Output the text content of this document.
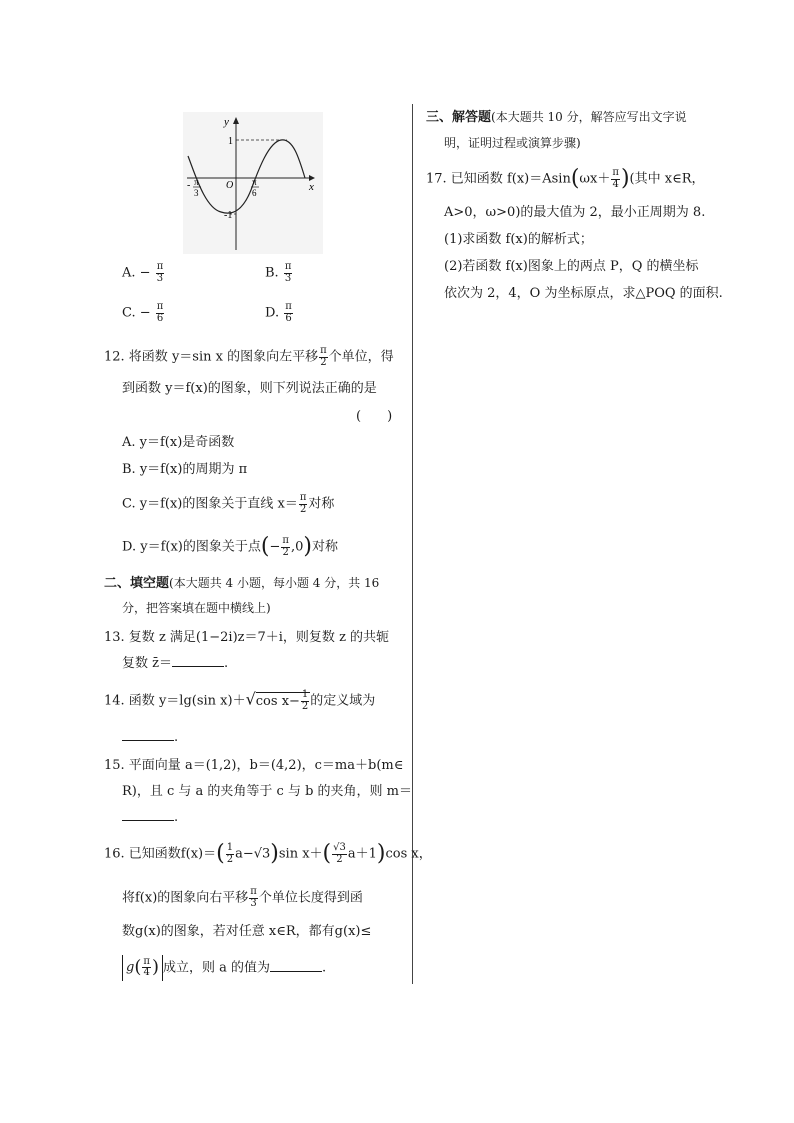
y
x
O
1
-1
- π
3
π
6
A. − $\frac{\pi}{3}$	B. $\frac{\pi}{3}$
C. − $\frac{\pi}{6}$	D. $\frac{\pi}{6}$
12. 将函数 y＝sin x 的图象向左平移 $\frac{\pi}{2}$ 个单位，得
到函数 y＝f(x)的图象，则下列说法正确的是
(　　)
A. y＝f(x)是奇函数
B. y＝f(x)的周期为 π
C. y＝f(x)的图象关于直线 $x= \frac{\pi}{2}$ 对称
D. y＝f(x)的图象关于点(− $\frac{\pi}{2} ,0$)对称
二、填空题(本大题共 4 小题，每小题 4 分，共 16
分，把答案填在题中横线上)
13. 复数 z 满足(1−2i)z＝7＋i，则复数 z 的共轭
复数 z̄＝	.
14. 函数 y＝lg(sin x)＋√cos $x- \frac{1}{2}$ 的定义域为
.
15. 平面向量 a＝(1,2)，b＝(4,2)，c＝ma＋b(m∈
R)，且 c 与 a 的夹角等于 c 与 b 的夹角，则 m＝
.
16. 已知函数$f(x)=( \frac{1}{2} a-√3)\sin$ $x+( \frac{√3}{2} a+1)\cos$ x，
将f(x)的图象向右平移 $\frac{\pi}{3}$ 个单位长度得到函
数g(x)的图象，若对任意 x∈R，都有g(x)≤
$g( \frac{\pi}{4}$ ) 成立，则 a 的值为	.
三、解答题(本大题共 10 分，解答应写出文字说
明，证明过程或演算步骤)
17. 已知函数 $f(x)=Asin(\omega x+ \frac{\pi}{4}$ )(其中 x∈R，
A>0，ω>0)的最大值为 2，最小正周期为 8.
(1)求函数 f(x)的解析式；
(2)若函数 f(x)图象上的两点 P，Q 的横坐标
依次为 2，4，O 为坐标原点，求△POQ 的面积.
